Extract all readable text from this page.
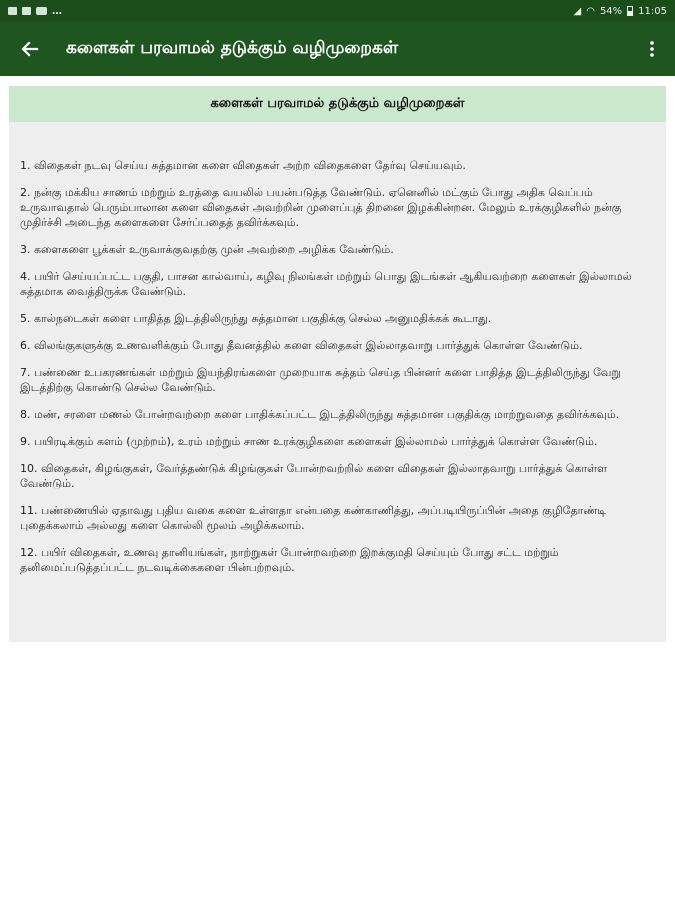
…	◢ ◠ 54% 11:05
களைகள் பரவாமல் தடுக்கும் வழிமுறைகள்
களைகள் பரவாமல் தடுக்கும் வழிமுறைகள்
1. விதைகள் நடவு செய்ய சுத்தமான களை விதைகள் அற்ற விதைகளை தேர்வு செய்யவும்.
2. நன்கு மக்கிய சாணம் மற்றும் உரத்தை வயலில் பயன்படுத்த வேண்டும். ஏனெனில் மட்கும் போது அதிக வெப்பம் உருவாவதால் பெரும்பாலான களை விதைகள் அவற்றின் முளைப்புத் திறனை இழக்கின்றன. மேலும் உரக்குழிகளில் நன்கு முதிர்ச்சி அடைந்த களைகளை சேர்ப்பதைத் தவிர்க்கவும்.
3. களைகளை பூக்கள் உருவாக்குவதற்கு முன் அவற்றை அழிக்க வேண்டும்.
4. பயிர் செய்யப்பட்ட பகுதி, பாசன கால்வாய், கழிவு நிலங்கள் மற்றும் பொது இடங்கள் ஆகியவற்றை களைகள் இல்லாமல் சுத்தமாக வைத்திருக்க வேண்டும்.
5. கால்நடைகள் களை பாதித்த இடத்திலிருந்து சுத்தமான பகுதிக்கு செல்ல அனுமதிக்கக் கூடாது.
6. விலங்குகளுக்கு உணவளிக்கும் போது தீவனத்தில் களை விதைகள் இல்லாதவாறு பார்த்துக் கொள்ள வேண்டும்.
7. பண்ணை உபகரணங்கள் மற்றும் இயந்திரங்களை முறையாக சுத்தம் செய்த பின்னர் களை பாதித்த இடத்திலிருந்து வேறு இடத்திற்கு கொண்டு செல்ல வேண்டும்.
8. மண், சரளை மணல் போன்றவற்றை களை பாதிக்கப்பட்ட இடத்திலிருந்து சுத்தமான பகுதிக்கு மாற்றுவதை தவிர்க்கவும்.
9. பயிரடிக்கும் களம் (முற்றம்), உரம் மற்றும் சாண உரக்குழிகளை களைகள் இல்லாமல் பார்த்துக் கொள்ள வேண்டும்.
10. விதைகள், கிழங்குகள், வேர்த்தண்டுக் கிழங்குகள் போன்றவற்றில் களை விதைகள் இல்லாதவாறு பார்த்துக் கொள்ள வேண்டும்.
11. பண்ணையில் ஏதாவது புதிய வகை களை உள்ளதா என்பதை கண்காணித்து, அப்படியிருப்பின் அதை குழிதோண்டி புதைக்கலாம் அல்லது களை கொல்லி மூலம் அழிக்கலாம்.
12. பயிர் விதைகள், உணவு தானியங்கள், நாற்றுகள் போன்றவற்றை இறக்குமதி செய்யும் போது சட்ட மற்றும் தனிமைப்படுத்தப்பட்ட நடவடிக்கைகளை பின்பற்றவும்.
